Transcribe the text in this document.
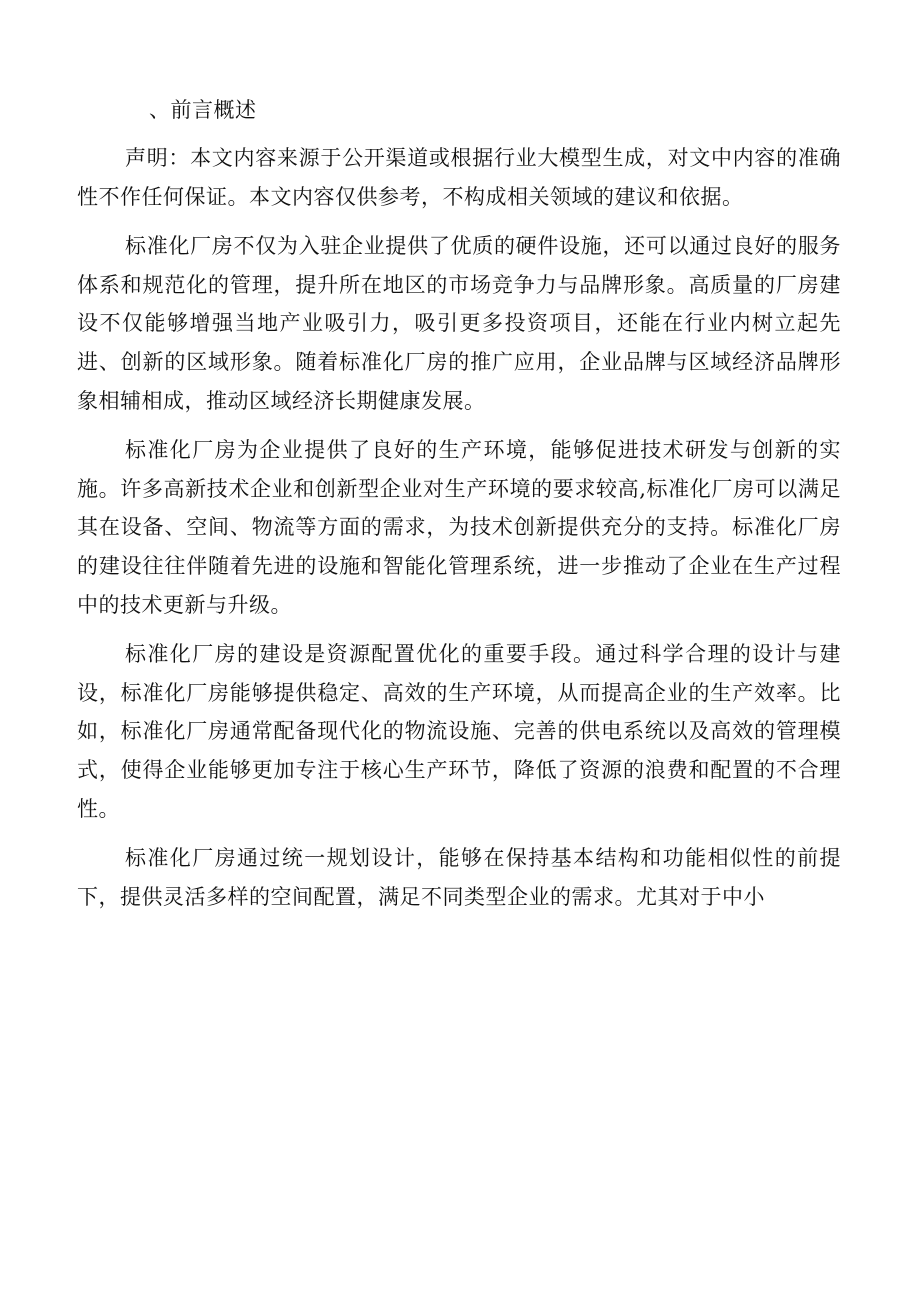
、前言概述

声明：本文内容来源于公开渠道或根据行业大模型生成，对文中内容的准确性不作任何保证。本文内容仅供参考，不构成相关领域的建议和依据。

标准化厂房不仅为入驻企业提供了优质的硬件设施，还可以通过良好的服务体系和规范化的管理，提升所在地区的市场竞争力与品牌形象。高质量的厂房建设不仅能够增强当地产业吸引力，吸引更多投资项目，还能在行业内树立起先进、创新的区域形象。随着标准化厂房的推广应用，企业品牌与区域经济品牌形象相辅相成，推动区域经济长期健康发展。

标准化厂房为企业提供了良好的生产环境，能够促进技术研发与创新的实施。许多高新技术企业和创新型企业对生产环境的要求较高,标准化厂房可以满足其在设备、空间、物流等方面的需求，为技术创新提供充分的支持。标准化厂房的建设往往伴随着先进的设施和智能化管理系统，进一步推动了企业在生产过程中的技术更新与升级。

标准化厂房的建设是资源配置优化的重要手段。通过科学合理的设计与建设，标准化厂房能够提供稳定、高效的生产环境，从而提高企业的生产效率。比如，标准化厂房通常配备现代化的物流设施、完善的供电系统以及高效的管理模式，使得企业能够更加专注于核心生产环节，降低了资源的浪费和配置的不合理性。

标准化厂房通过统一规划设计，能够在保持基本结构和功能相似性的前提下，提供灵活多样的空间配置，满足不同类型企业的需求。尤其对于中小
